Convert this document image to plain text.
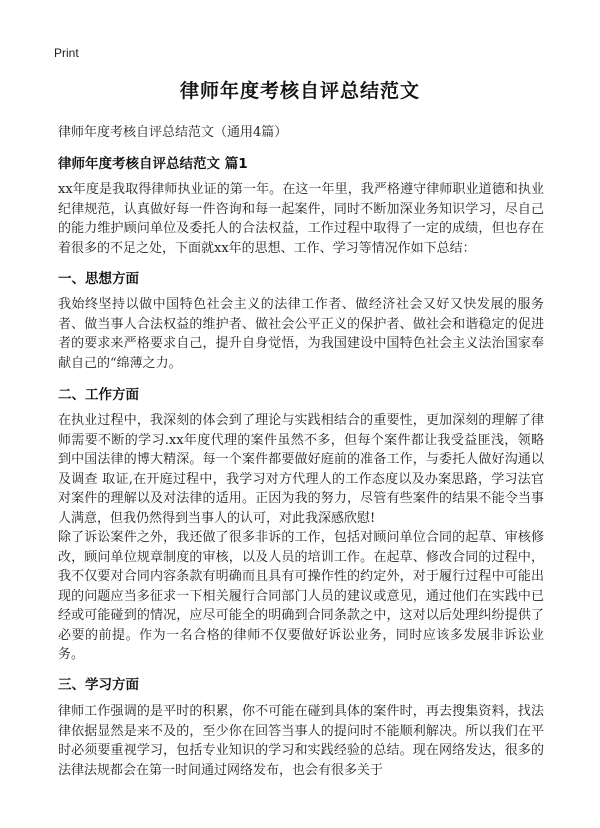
Print
律师年度考核自评总结范文
律师年度考核自评总结范文（通用4篇）
律师年度考核自评总结范文 篇1
xx年度是我取得律师执业证的第一年。在这一年里，我严格遵守律师职业道德和执业纪律规范，认真做好每一件咨询和每一起案件，同时不断加深业务知识学习，尽自己的能力维护顾问单位及委托人的合法权益，工作过程中取得了一定的成绩，但也存在着很多的不足之处，下面就xx年的思想、工作、学习等情况作如下总结：
一、思想方面
我始终坚持以做中国特色社会主义的法律工作者、做经济社会又好又快发展的服务者、做当事人合法权益的维护者、做社会公平正义的保护者、做社会和谐稳定的促进者的要求来严格要求自己，提升自身觉悟，为我国建设中国特色社会主义法治国家奉献自己的“绵薄之力。
二、工作方面
在执业过程中，我深刻的体会到了理论与实践相结合的重要性，更加深刻的理解了律师需要不断的学习.xx年度代理的案件虽然不多，但每个案件都让我受益匪浅，领略到中国法律的博大精深。每一个案件都要做好庭前的准备工作，与委托人做好沟通以及调查 取证,在开庭过程中，我学习对方代理人的工作态度以及办案思路，学习法官对案件的理解以及对法律的适用。正因为我的努力，尽管有些案件的结果不能令当事人满意，但我仍然得到当事人的认可，对此我深感欣慰!
除了诉讼案件之外，我还做了很多非诉的工作，包括对顾问单位合同的起草、审核修改，顾问单位规章制度的审核，以及人员的培训工作。在起草、修改合同的过程中，我不仅要对合同内容条款有明确而且具有可操作性的约定外，对于履行过程中可能出现的问题应当多征求一下相关履行合同部门人员的建议或意见，通过他们在实践中已经或可能碰到的情况，应尽可能全的明确到合同条款之中，这对以后处理纠纷提供了必要的前提。作为一名合格的律师不仅要做好诉讼业务，同时应该多发展非诉讼业务。
三、学习方面
律师工作强调的是平时的积累，你不可能在碰到具体的案件时，再去搜集资料，找法律依据显然是来不及的，至少你在回答当事人的提问时不能顺利解决。所以我们在平时必须要重视学习，包括专业知识的学习和实践经验的总结。现在网络发达，很多的法律法规都会在第一时间通过网络发布，也会有很多关于
